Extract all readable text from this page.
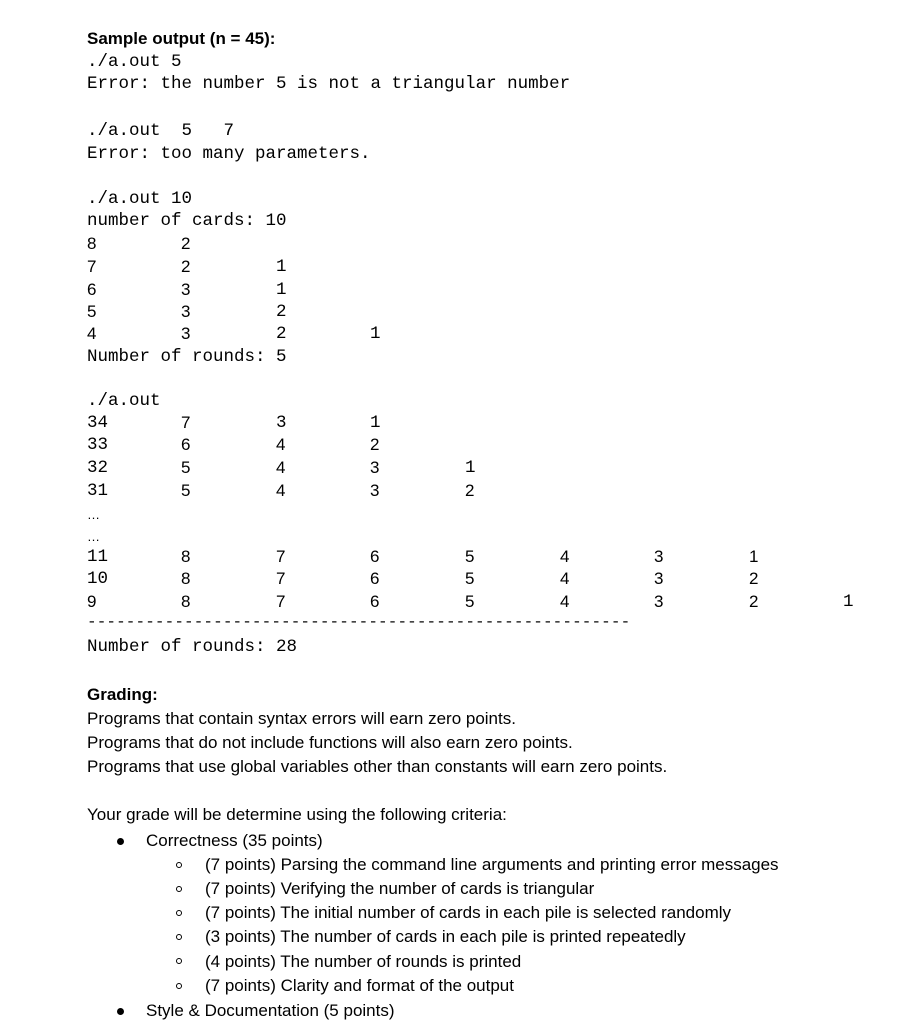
Sample output (n = 45):
./a.out 5
Error: the number 5 is not a triangular number
./a.out  5   7
Error: too many parameters.
./a.out 10
number of cards: 10
8	2
7	2	1
6	3	1
5	3	2
4	3	2	1
Number of rounds: 5
./a.out
34	7	3	1
33	6	4	2
32	5	4	3	1
31	5	4	3	2
…
…
11	8	7	6	5	4	3	1
10	8	7	6	5	4	3	2
9	8	7	6	5	4	3	2	1
--------------------------------------------------------
Number of rounds: 28
Grading:
Programs that contain syntax errors will earn zero points.
Programs that do not include functions will also earn zero points.
Programs that use global variables other than constants will earn zero points.
Your grade will be determine using the following criteria:
Correctness (35 points)
(7 points) Parsing the command line arguments and printing error messages
(7 points) Verifying the number of cards is triangular
(7 points) The initial number of cards in each pile is selected randomly
(3 points) The number of cards in each pile is printed repeatedly
(4 points) The number of rounds is printed
(7 points) Clarity and format of the output
Style & Documentation (5 points)
